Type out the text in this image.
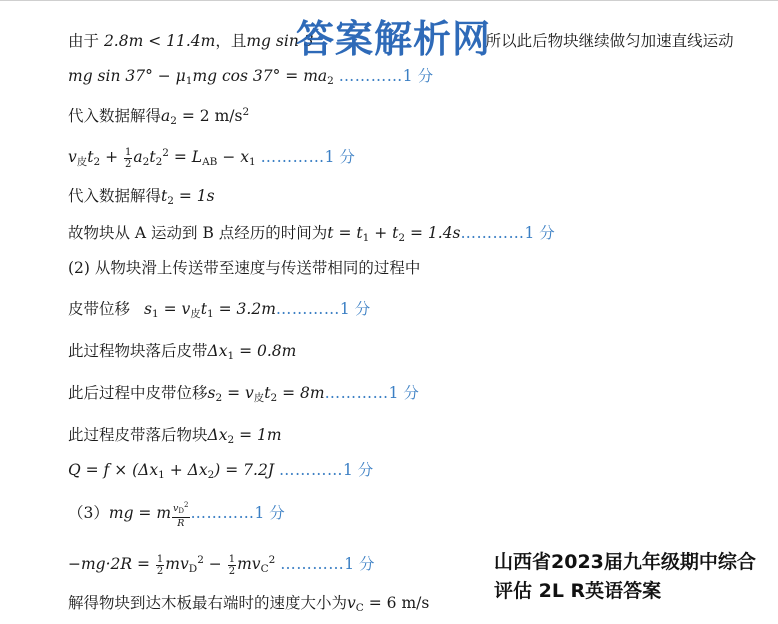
由于 2.8m < 11.4m，且mg sin 3	所以此后物块继续做匀加速直线运动
mg $\sin 37^\circ - \mu_1mg$ $\cos 37^\circ = ma_2$ …………1 分
代入数据解得$a_2 = 2$ $m/s^2$
$v_皮t_2 + \frac{1}{2} a_2t_2^2 = L_{AB} - x_1$ …………1 分
代入数据解得$t_2 = 1s$
故物块从 A 运动到 B 点经历的时间为$t = t_1 + t_2$ = 1.4s…………1 分
(2) 从物块滑上传送带至速度与传送带相同的过程中
皮带位移 $s_1 = v_皮t_1$ = 3.2m…………1 分
此过程物块落后皮带$\Delta x_1 = 0.8m$
此后过程中皮带位移$s_2 = v_皮t_2$ = 8m…………1 分
此过程皮带落后物块$\Delta x_2 = 1m$
$Q = f \times (\Delta x_1 + \Delta x_2) = 7.2J$ …………1 分
（3）mg = m $\frac{v_D^2}{R}$ …………1 分
$-mg\cdot 2R = \frac{1}{2} mv_D^2 - \frac{1}{2} mv_C^2$ …………1 分
解得物块到达木板最右端时的速度大小为$v_C = 6$ m/s
答案解析网
山西省2023届九年级期中综合
评估 2L R英语答案
